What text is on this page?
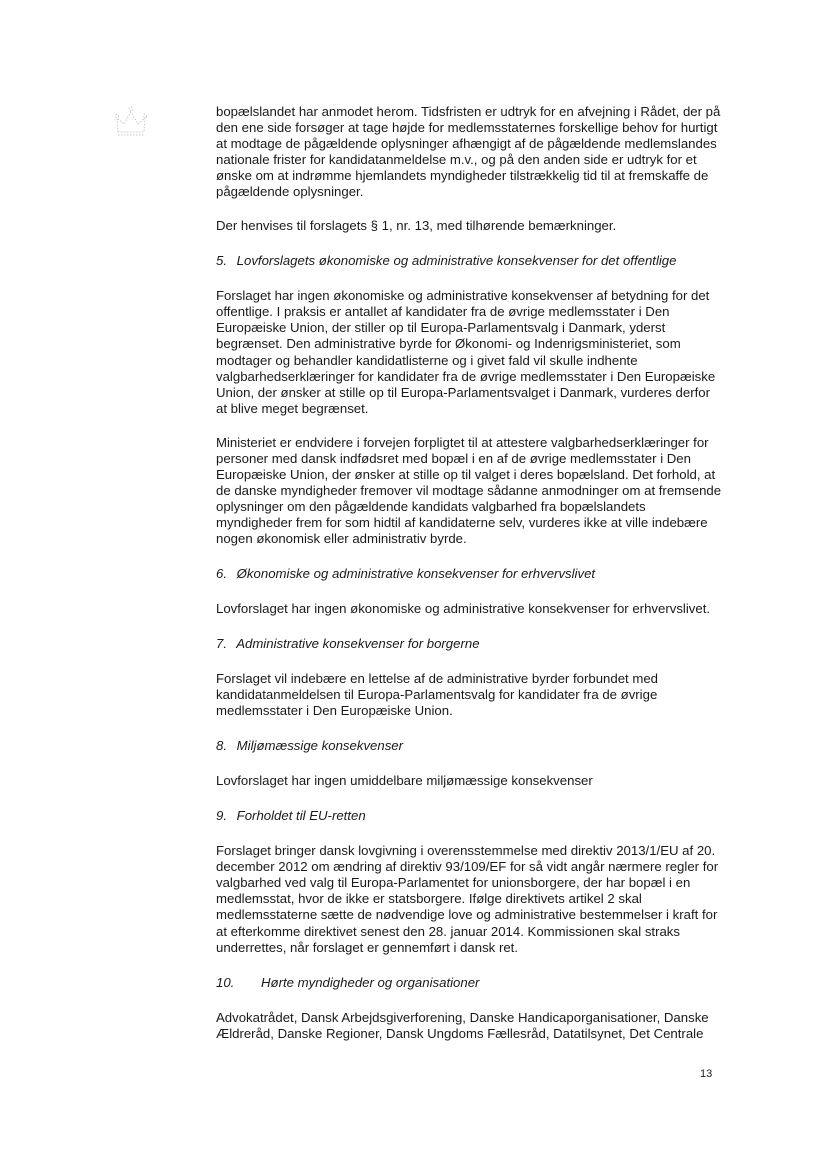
bopælslandet har anmodet herom. Tidsfristen er udtryk for en afvejning i Rådet, der på den ene side forsøger at tage højde for medlemsstaternes forskellige behov for hurtigt at modtage de pågældende oplysninger afhængigt af de pågældende medlemslandes nationale frister for kandidatanmeldelse m.v., og på den anden side er udtryk for et ønske om at indrømme hjemlandets myndigheder tilstrækkelig tid til at fremskaffe de pågældende oplysninger.

Der henvises til forslagets § 1, nr. 13, med tilhørende bemærkninger.

5. Lovforslagets økonomiske og administrative konsekvenser for det offentlige

Forslaget har ingen økonomiske og administrative konsekvenser af betydning for det offentlige. I praksis er antallet af kandidater fra de øvrige medlemsstater i Den Europæiske Union, der stiller op til Europa-Parlamentsvalg i Danmark, yderst begrænset. Den administrative byrde for Økonomi- og Indenrigsministeriet, som modtager og behandler kandidatlisterne og i givet fald vil skulle indhente valgbarhedserklæringer for kandidater fra de øvrige medlemsstater i Den Europæiske Union, der ønsker at stille op til Europa-Parlamentsvalget i Danmark, vurderes derfor at blive meget begrænset.

Ministeriet er endvidere i forvejen forpligtet til at attestere valgbarhedserklæringer for personer med dansk indfødsret med bopæl i en af de øvrige medlemsstater i Den Europæiske Union, der ønsker at stille op til valget i deres bopælsland. Det forhold, at de danske myndigheder fremover vil modtage sådanne anmodninger om at fremsende oplysninger om den pågældende kandidats valgbarhed fra bopælslandets myndigheder frem for som hidtil af kandidaterne selv, vurderes ikke at ville indebære nogen økonomisk eller administrativ byrde.

6. Økonomiske og administrative konsekvenser for erhvervslivet

Lovforslaget har ingen økonomiske og administrative konsekvenser for erhvervslivet.

7. Administrative konsekvenser for borgerne

Forslaget vil indebære en lettelse af de administrative byrder forbundet med kandidatanmeldelsen til Europa-Parlamentsvalg for kandidater fra de øvrige medlemsstater i Den Europæiske Union.

8. Miljømæssige konsekvenser

Lovforslaget har ingen umiddelbare miljømæssige konsekvenser

9. Forholdet til EU-retten

Forslaget bringer dansk lovgivning i overensstemmelse med direktiv 2013/1/EU af 20. december 2012 om ændring af direktiv 93/109/EF for så vidt angår nærmere regler for valgbarhed ved valg til Europa-Parlamentet for unionsborgere, der har bopæl i en medlemsstat, hvor de ikke er statsborgere. Ifølge direktivets artikel 2 skal medlemsstaterne sætte de nødvendige love og administrative bestemmelser i kraft for at efterkomme direktivet senest den 28. januar 2014. Kommissionen skal straks underrettes, når forslaget er gennemført i dansk ret.

10. Hørte myndigheder og organisationer

Advokatrådet, Dansk Arbejdsgiverforening, Danske Handicaporganisationer, Danske Ældreråd, Danske Regioner, Dansk Ungdoms Fællesråd, Datatilsynet, Det Centrale

13
